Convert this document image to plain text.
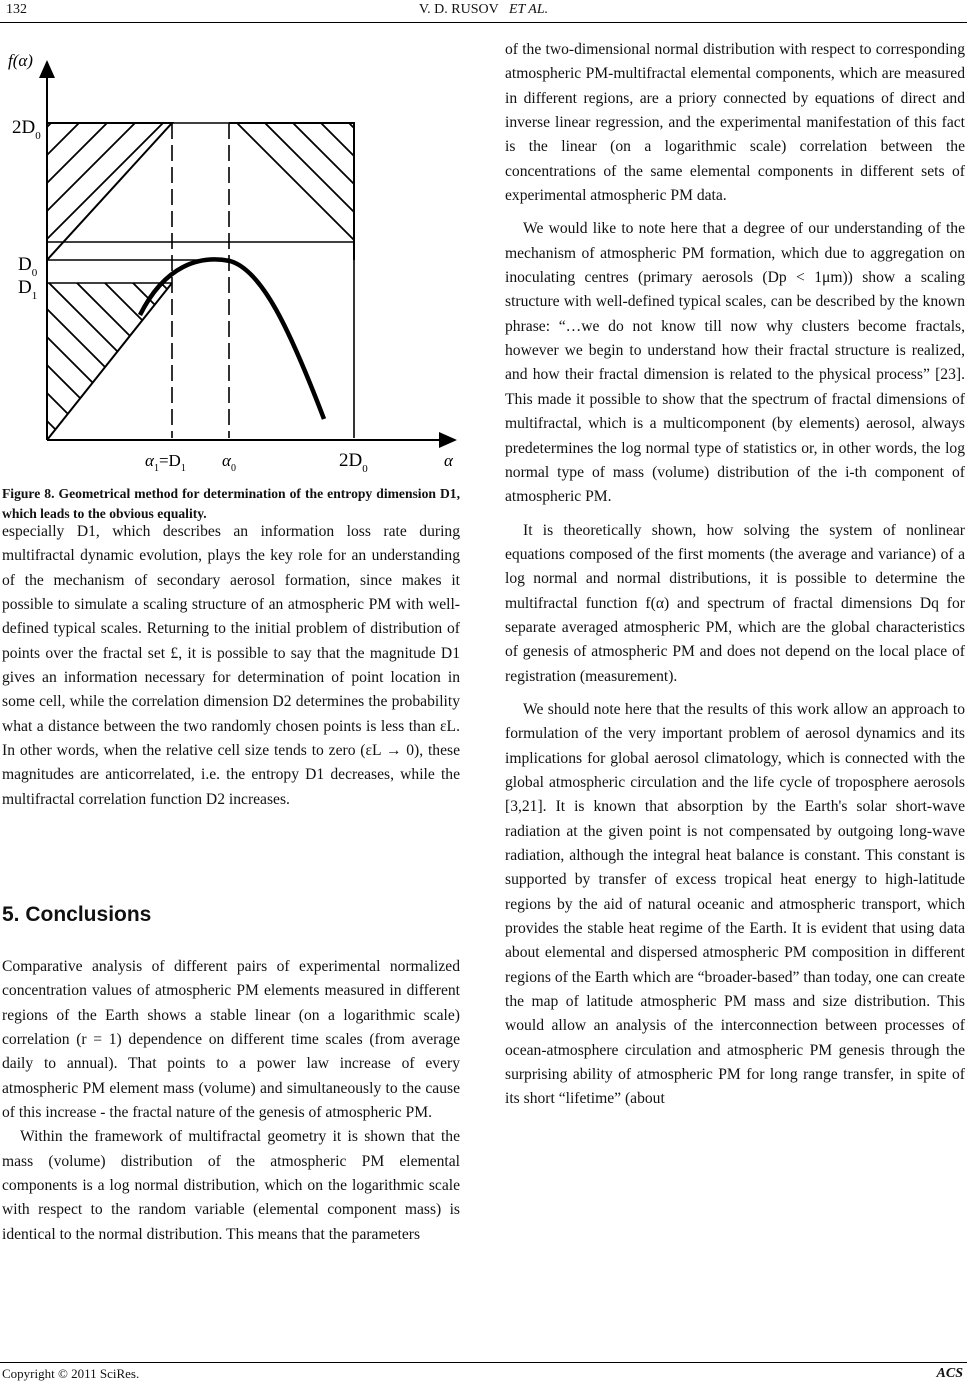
132	V. D. RUSOV ET AL.
f(α)
$2D_0$
$D_0$
$D_1$
$\alpha_1=D_1$ $\alpha_0$	$2D_0$	α
Figure 8. Geometrical method for determination of the entropy dimension D1, which leads to the obvious equality.

especially D1, which describes an information loss rate during multifractal dynamic evolution, plays the key role for an understanding of the mechanism of secondary aerosol formation, since makes it possible to simulate a scaling structure of an atmospheric PM with well-defined typical scales. Returning to the initial problem of distribution of points over the fractal set £, it is possible to say that the magnitude D1 gives an information necessary for determination of point location in some cell, while the correlation dimension D2 determines the probability what a distance between the two randomly chosen points is less than εL. In other words, when the relative cell size tends to zero (εL → 0), these magnitudes are anticorrelated, i.e. the entropy D1 decreases, while the multifractal correlation function D2 increases.

5. Conclusions

Comparative analysis of different pairs of experimental normalized concentration values of atmospheric PM elements measured in different regions of the Earth shows a stable linear (on a logarithmic scale) correlation (r = 1) dependence on different time scales (from average daily to annual). That points to a power law increase of every atmospheric PM element mass (volume) and simultaneously to the cause of this increase - the fractal nature of the genesis of atmospheric PM.

Within the framework of multifractal geometry it is shown that the mass (volume) distribution of the atmospheric PM elemental components is a log normal distribution, which on the logarithmic scale with respect to the random variable (elemental component mass) is identical to the normal distribution. This means that the parameters

of the two-dimensional normal distribution with respect to corresponding atmospheric PM-multifractal elemental components, which are measured in different regions, are a priory connected by equations of direct and inverse linear regression, and the experimental manifestation of this fact is the linear (on a logarithmic scale) correlation between the concentrations of the same elemental components in different sets of experimental atmospheric PM data.

We would like to note here that a degree of our understanding of the mechanism of atmospheric PM formation, which due to aggregation on inoculating centres (primary aerosols (Dp < 1μm)) show a scaling structure with well-defined typical scales, can be described by the known phrase: “…we do not know till now why clusters become fractals, however we begin to understand how their fractal structure is realized, and how their fractal dimension is related to the physical process” [23]. This made it possible to show that the spectrum of fractal dimensions of multifractal, which is a multicomponent (by elements) aerosol, always predetermines the log normal type of statistics or, in other words, the log normal type of mass (volume) distribution of the i-th component of atmospheric PM.

It is theoretically shown, how solving the system of nonlinear equations composed of the first moments (the average and variance) of a log normal and normal distributions, it is possible to determine the multifractal function f(α) and spectrum of fractal dimensions Dq for separate averaged atmospheric PM, which are the global characteristics of genesis of atmospheric PM and does not depend on the local place of registration (measurement).

We should note here that the results of this work allow an approach to formulation of the very important problem of aerosol dynamics and its implications for global aerosol climatology, which is connected with the global atmospheric circulation and the life cycle of troposphere aerosols [3,21]. It is known that absorption by the Earth's solar short-wave radiation at the given point is not compensated by outgoing long-wave radiation, although the integral heat balance is constant. This constant is supported by transfer of excess tropical heat energy to high-latitude regions by the aid of natural oceanic and atmospheric transport, which provides the stable heat regime of the Earth. It is evident that using data about elemental and dispersed atmospheric PM composition in different regions of the Earth which are “broader-based” than today, one can create the map of latitude atmospheric PM mass and size distribution. This would allow an analysis of the interconnection between processes of ocean-atmosphere circulation and atmospheric PM genesis through the surprising ability of atmospheric PM for long range transfer, in spite of its short “lifetime” (about

Copyright © 2011 SciRes.	ACS
